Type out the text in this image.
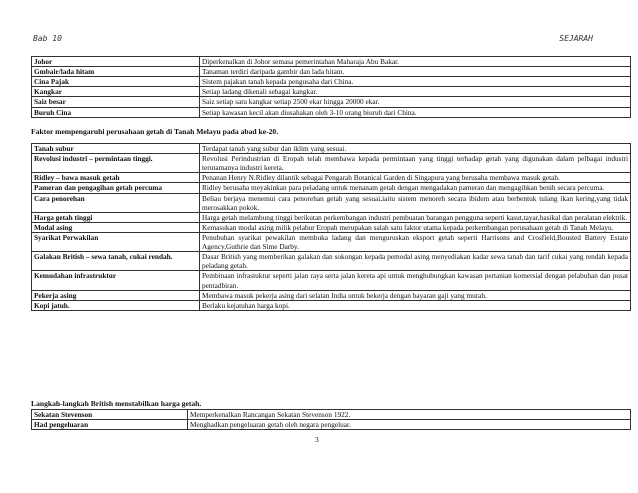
Bab 10	SEJARAH
Johor	Diperkenalkan di Johor semasa pemerintahan Maharaja Abu Bakar.
Gmbair/lada hitam	Tanaman terdiri daripada gambir dan lada hitam.
Cina Pajak	Sistem pajakan tanah kepada pengusaha dari China.
Kangkar	Setiap ladang dikenali sebagai kangkar.
Saiz besar	Saiz setiap satu kangkar setiap 2500 ekar hingga 20000 ekar.
Buruh Cina	Setiap kawasan kecil akan diusahakan oleh 3-10 orang biuruh dari China.
Faktor mempengaruhi perusahaan getah di Tanah Melayu pada abad ke-20.
Tanah subur	Terdapat tanah yang subur dan iklim yang sesuai.
Revolusi industri – permintaan tinggi.	Revolusi Perindustrian di Eropah telah membawa kepada permintaan yang tinggi terhadap getah yang digunakan dalam pelbagai industri terutamanya industri kereta.
Ridley – bawa masuk getah	Penanan Henry N.Ridley dilantik sebagai Pengarah Botanical Garden di Singapura yang berusaha membawa masuk getah.
Pameran dan pengagihan getah percuma	Ridley berusaha meyakinkan para peladang untuk menanam getah dengan mengadakan pameran dan mengagihkan benih secara percuma.
Cara penorehan	Beliau berjaya menemui cara penorehan getah yang sesuai,iaitu sistem menoreh secara ibidem atau berbentuk tulang ikan kering,yang tidak merosakkan pokok.
Harga getah tinggi	Harga getah melambung tinggi berikutan perkembangan industri pembuatan barangan pengguna seperti kasut,tayar,basikal dan peralatan elektrik.
Modal asing	Kemasukan modal asing milik pelabur Eropah merupakan salah satu faktor utama kepada perkembangan perusahaan getah di Tanah Melayu.
Syarikat Perwakilan	Penubuhan syarikat pewakilan membuka ladang dan menguruskan eksport getah seperti Harrisons and Crosfield,Bousted Battery Estate Agency,Guthrie dan Sime Darby.
Galakan British – sewa tanah, cukai rendah.	Dasar British yang memberikan galakan dan sokongan kepada pemodal asing menyediakan kadar sewa tanah dan tarif cukai yang rendah kepada peladang getah.
Kemudahan infrastruktur	Pembinaan infrastuktur seperti jalan raya serta jalan kereta api untuk menghubungkan kawasan pertanian komersial dengan pelabuhan dan pusat pentadbiran.
Pekerja asing	Membawa masuk pekerja asing dari selatan India untuk bekerja dengan bayaran gaji yang murah.
Kopi jatuh.	Berlaku kejatuhan harga kopi.
Langkah-langkah British menstabilkan harga getah.
Sekatan Stevenson	Memperkenalkan Rancangan Sekatan Stevenson 1922.
Had pengeluaran	Menghadkan pengeluaran getah oleh negara pengeluar.
3
